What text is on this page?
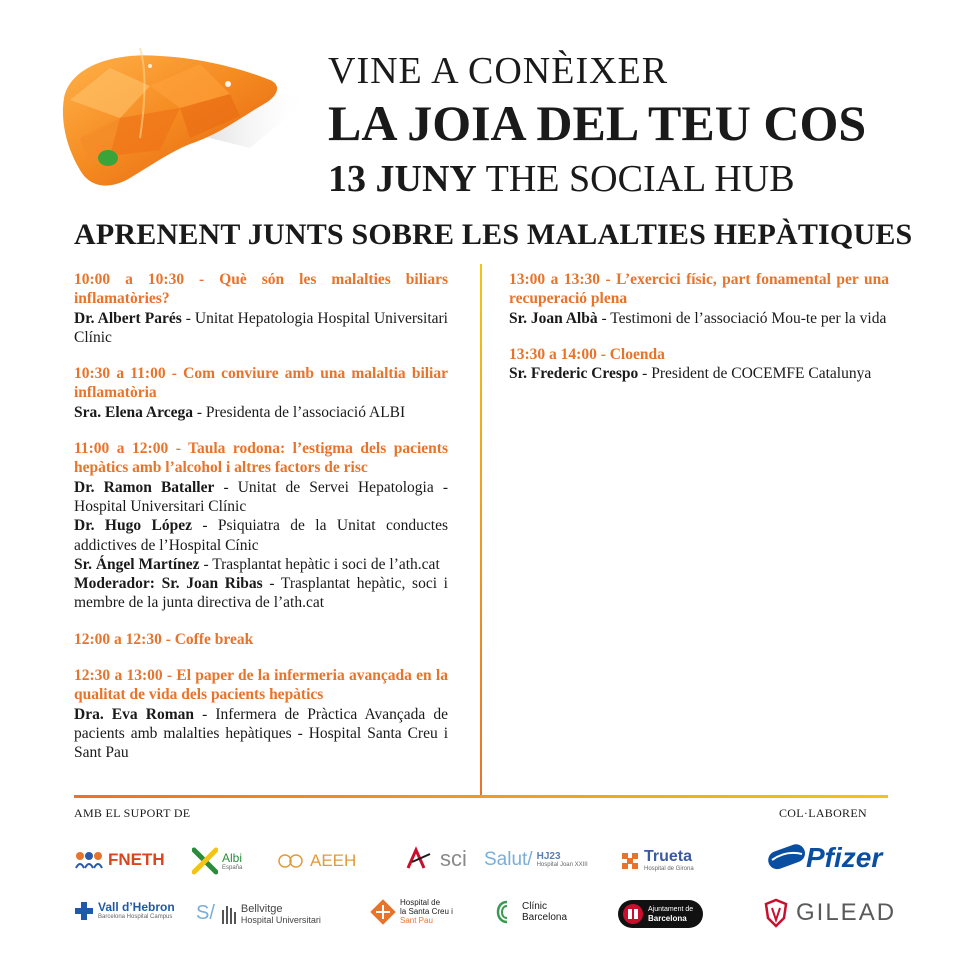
VINE A CONÈIXER
LA JOIA DEL TEU COS
13 JUNY THE SOCIAL HUB
APRENENT JUNTS SOBRE LES MALALTIES HEPÀTIQUES
10:00 a 10:30 - Què són les malalties biliars inflamatòries?
Dr. Albert Parés - Unitat Hepatologia Hospital Universitari Clínic
10:30 a 11:00 - Com conviure amb una malaltia biliar inflamatòria
Sra. Elena Arcega - Presidenta de l’associació ALBI
11:00 a 12:00 - Taula rodona: l’estigma dels pacients hepàtics amb l’alcohol i altres factors de risc
Dr. Ramon Bataller - Unitat de Servei Hepatologia - Hospital Universitari Clínic
Dr. Hugo López - Psiquiatra de la Unitat conductes addictives de l’Hospital Cínic
Sr. Ángel Martínez - Trasplantat hepàtic i soci de l’ath.cat
Moderador: Sr. Joan Ribas - Trasplantat hepàtic, soci i membre de la junta directiva de l’ath.cat
12:00 a 12:30 - Coffe break
12:30 a 13:00 - El paper de la infermeria avançada en la qualitat de vida dels pacients hepàtics
Dra. Eva Roman - Infermera de Pràctica Avançada de pacients amb malalties hepàtiques - Hospital Santa Creu i Sant Pau
13:00 a 13:30 - L’exercici físic, part fonamental per una recuperació plena
Sr. Joan Albà - Testimoni de l’associació Mou-te per la vida
13:30 a 14:00 - Cloenda
Sr. Frederic Crespo - President de COCEMFE Catalunya
AMB EL SUPORT DE	COL·LABOREN
FNETH	Albi
España	AEEH	sci Salut/ HJ23
Hospital Joan XXIII	Trueta
Hospital de Girona	Pfizer
Vall d’Hebron
Barcelona Hospital Campus S/ Bellvitge
Hospital Universitari
Hospital de
la Santa Creu i
Sant Pau
Clínic
Barcelona
Ajuntament de
Barcelona	GILEAD
